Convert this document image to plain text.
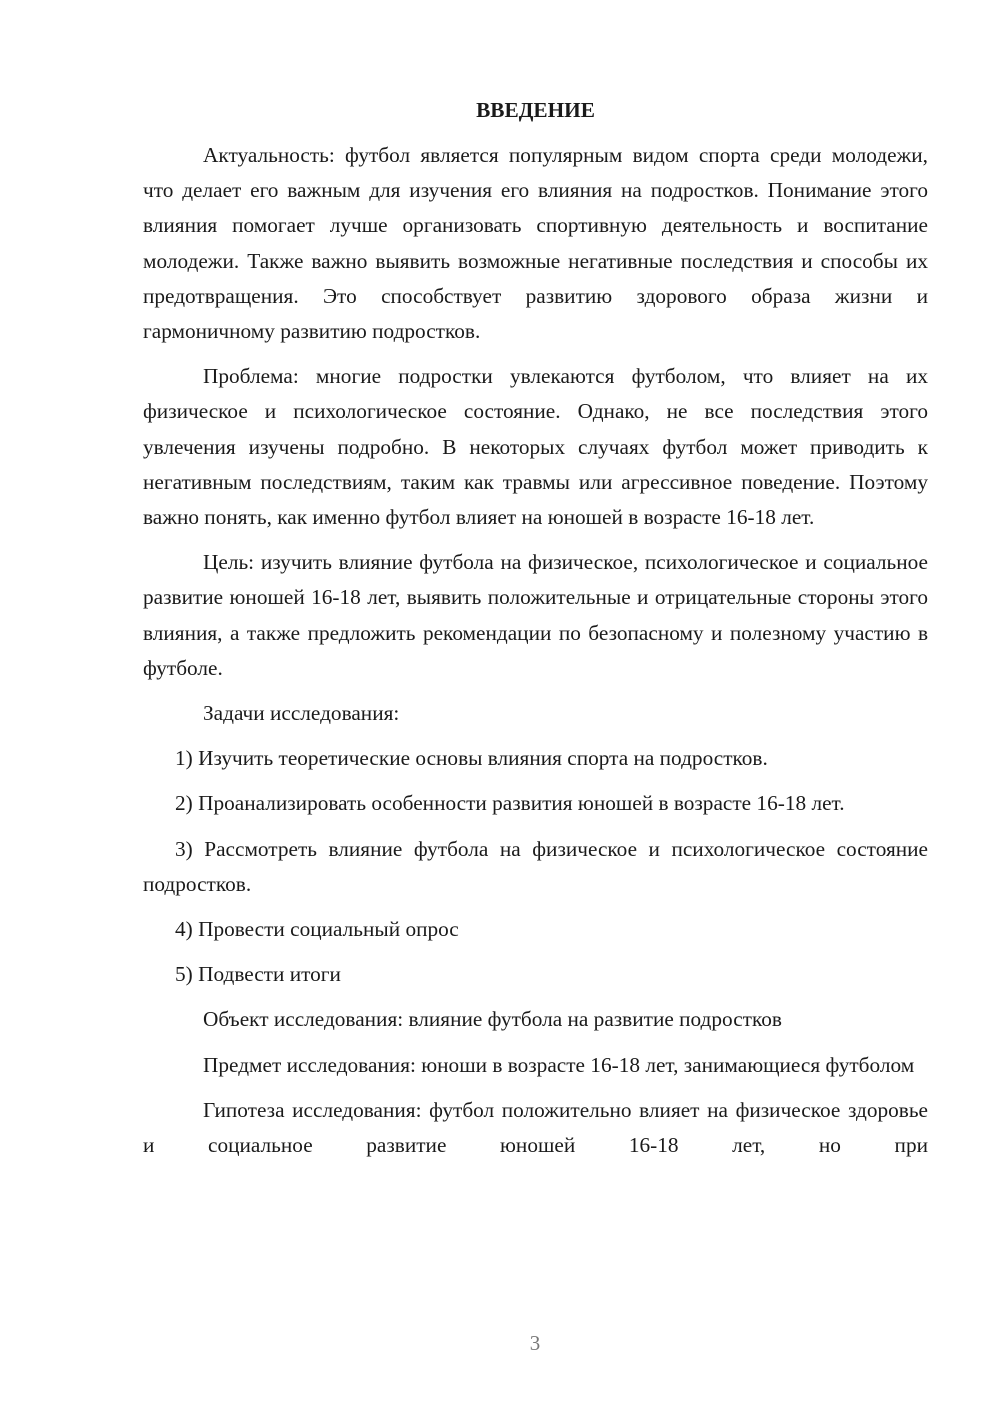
ВВЕДЕНИЕ

Актуальность: футбол является популярным видом спорта среди молодежи, что делает его важным для изучения его влияния на подростков. Понимание этого влияния помогает лучше организовать спортивную деятельность и воспитание молодежи. Также важно выявить возможные негативные последствия и способы их предотвращения. Это способствует развитию здорового образа жизни и гармоничному развитию подростков.

Проблема: многие подростки увлекаются футболом, что влияет на их физическое и психологическое состояние. Однако, не все последствия этого увлечения изучены подробно. В некоторых случаях футбол может приводить к негативным последствиям, таким как травмы или агрессивное поведение. Поэтому важно понять, как именно футбол влияет на юношей в возрасте 16-18 лет.

Цель: изучить влияние футбола на физическое, психологическое и социальное развитие юношей 16-18 лет, выявить положительные и отрицательные стороны этого влияния, а также предложить рекомендации по безопасному и полезному участию в футболе.

Задачи исследования:

1) Изучить теоретические основы влияния спорта на подростков.

2) Проанализировать особенности развития юношей в возрасте 16-18 лет.

3) Рассмотреть влияние футбола на физическое и психологическое состояние подростков.

4) Провести социальный опрос

5) Подвести итоги

Объект исследования: влияние футбола на развитие подростков

Предмет исследования: юноши в возрасте 16-18 лет, занимающиеся футболом

Гипотеза исследования: футбол положительно влияет на физическое здоровье и социальное развитие юношей 16-18 лет, но при

3
